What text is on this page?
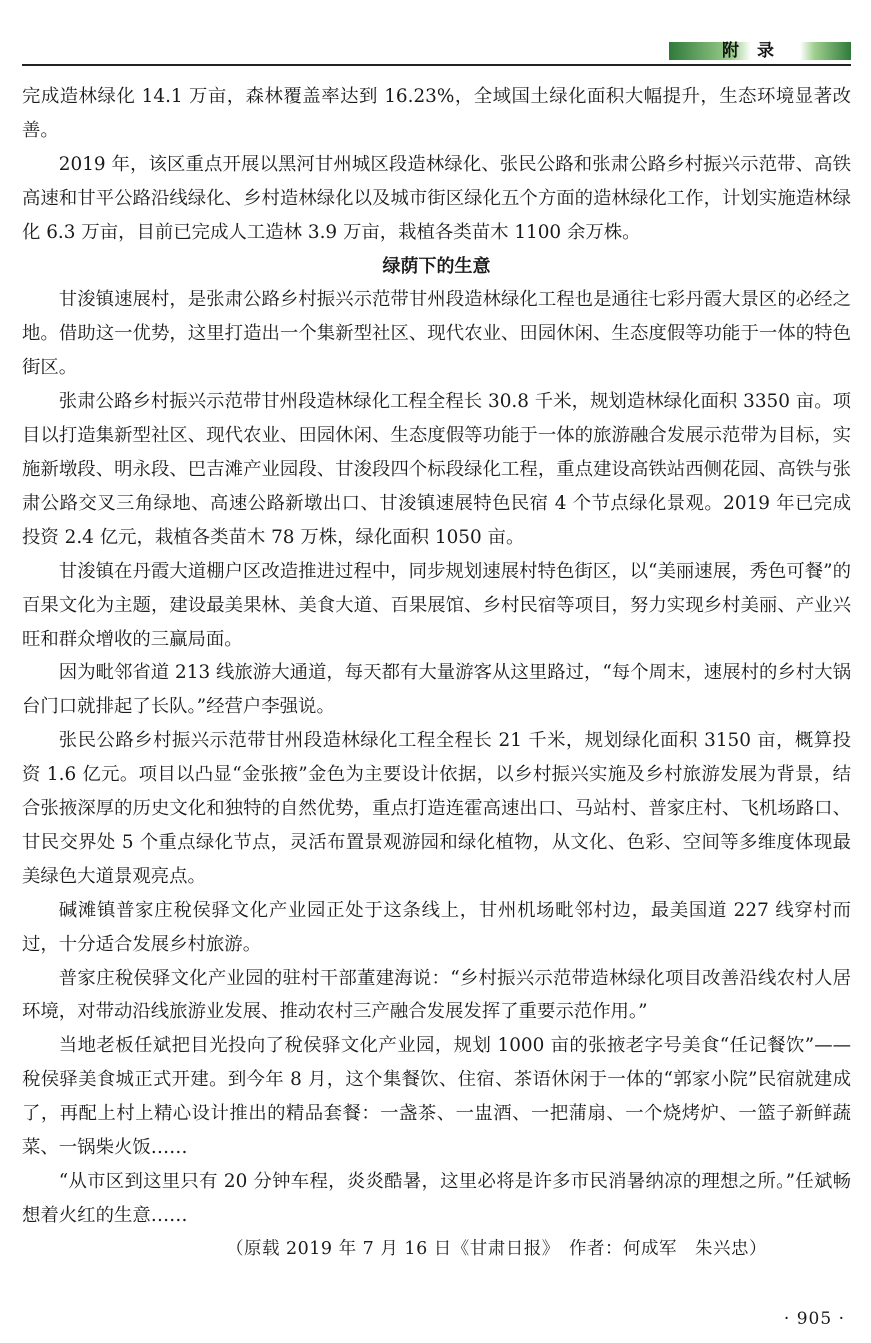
附 录

完成造林绿化 14.1 万亩，森林覆盖率达到 16.23%，全域国土绿化面积大幅提升，生态环境显著改善。

2019 年，该区重点开展以黑河甘州城区段造林绿化、张民公路和张肃公路乡村振兴示范带、高铁高速和甘平公路沿线绿化、乡村造林绿化以及城市街区绿化五个方面的造林绿化工作，计划实施造林绿化 6.3 万亩，目前已完成人工造林 3.9 万亩，栽植各类苗木 1100 余万株。

绿荫下的生意

甘浚镇速展村，是张肃公路乡村振兴示范带甘州段造林绿化工程也是通往七彩丹霞大景区的必经之地。借助这一优势，这里打造出一个集新型社区、现代农业、田园休闲、生态度假等功能于一体的特色街区。

张肃公路乡村振兴示范带甘州段造林绿化工程全程长 30.8 千米，规划造林绿化面积 3350 亩。项目以打造集新型社区、现代农业、田园休闲、生态度假等功能于一体的旅游融合发展示范带为目标，实施新墩段、明永段、巴吉滩产业园段、甘浚段四个标段绿化工程，重点建设高铁站西侧花园、高铁与张肃公路交叉三角绿地、高速公路新墩出口、甘浚镇速展特色民宿 4 个节点绿化景观。2019 年已完成投资 2.4 亿元，栽植各类苗木 78 万株，绿化面积 1050 亩。

甘浚镇在丹霞大道棚户区改造推进过程中，同步规划速展村特色街区，以“美丽速展，秀色可餐”的百果文化为主题，建设最美果林、美食大道、百果展馆、乡村民宿等项目，努力实现乡村美丽、产业兴旺和群众增收的三赢局面。

因为毗邻省道 213 线旅游大通道，每天都有大量游客从这里路过，“每个周末，速展村的乡村大锅台门口就排起了长队。”经营户李强说。

张民公路乡村振兴示范带甘州段造林绿化工程全程长 21 千米，规划绿化面积 3150 亩，概算投资 1.6 亿元。项目以凸显“金张掖”金色为主要设计依据，以乡村振兴实施及乡村旅游发展为背景，结合张掖深厚的历史文化和独特的自然优势，重点打造连霍高速出口、马站村、普家庄村、飞机场路口、甘民交界处 5 个重点绿化节点，灵活布置景观游园和绿化植物，从文化、色彩、空间等多维度体现最美绿色大道景观亮点。

碱滩镇普家庄稅侯驿文化产业园正处于这条线上，甘州机场毗邻村边，最美国道 227 线穿村而过，十分适合发展乡村旅游。

普家庄稅侯驿文化产业园的驻村干部董建海说：“乡村振兴示范带造林绿化项目改善沿线农村人居环境，对带动沿线旅游业发展、推动农村三产融合发展发挥了重要示范作用。”

当地老板任斌把目光投向了稅侯驿文化产业园，规划 1000 亩的张掖老字号美食“任记餐饮”——稅侯驿美食城正式开建。到今年 8 月，这个集餐饮、住宿、茶语休闲于一体的“郭家小院”民宿就建成了，再配上村上精心设计推出的精品套餐：一盏茶、一盅酒、一把蒲扇、一个烧烤炉、一篮子新鲜蔬菜、一锅柴火饭……

“从市区到这里只有 20 分钟车程，炎炎酷暑，这里必将是许多市民消暑纳凉的理想之所。”任斌畅想着火红的生意……

（原载 2019 年 7 月 16 日《甘肃日报》　作者：何成军　朱兴忠）

· 905 ·
